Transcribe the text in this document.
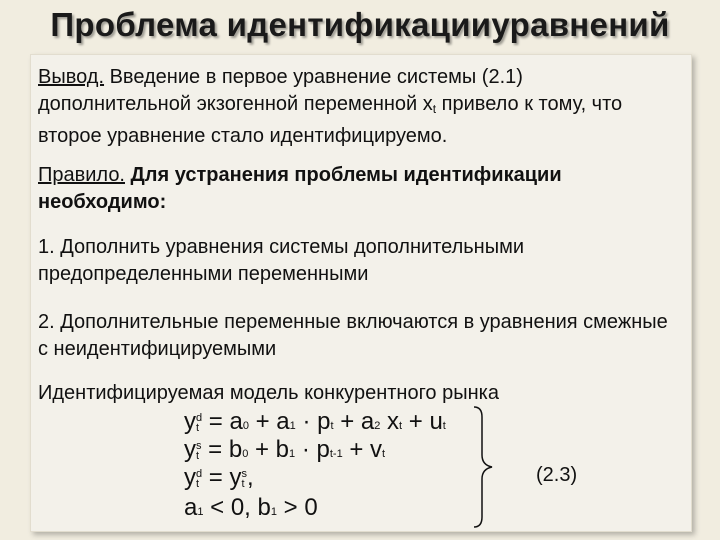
Проблема идентификацииуравнений
Вывод. Введение в первое уравнение системы (2.1) дополнительной экзогенной переменной $x_t$ привело к тому, что второе уравнение стало идентифицируемо.
Правило. Для устранения проблемы идентификации необходимо:
1. Дополнить уравнения системы дополнительными предопределенными переменными
2. Дополнительные переменные включаются в уравнения смежные с неидентифицируемыми
Идентифицируемая модель конкурентного рынка
y d
t = a0 + a1 · pt + a2 xt + ut
y s
t = b0 + b1 · pt-1 + vt
y d
t = y s
t ,
a1 < 0, b1 > 0
(2.3)
